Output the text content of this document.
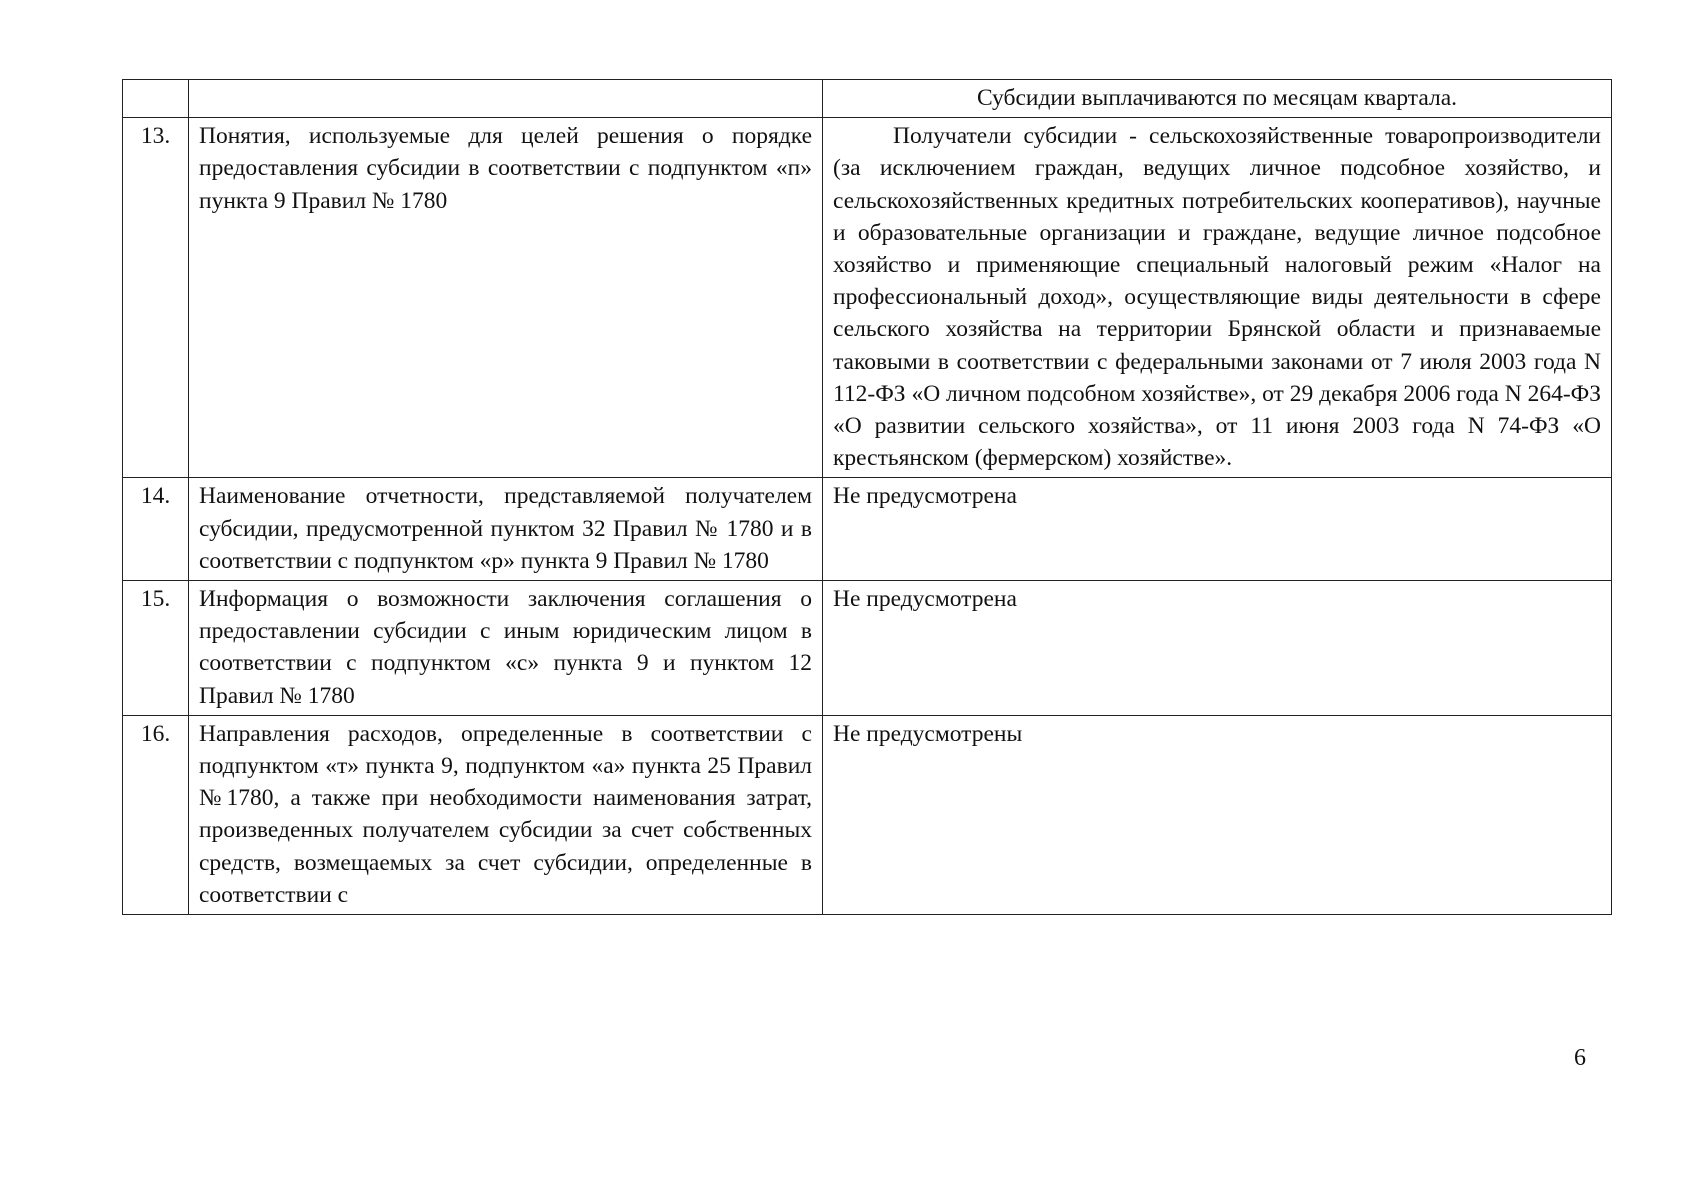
		Субсидии выплачиваются по месяцам квартала.
13.	Понятия, используемые для целей решения о порядке предоставления субсидии в соответствии с подпунктом «п» пункта 9 Правил № 1780	Получатели субсидии - сельскохозяйственные товаропроизводители (за исключением граждан, ведущих личное подсобное хозяйство, и сельскохозяйственных кредитных потребительских кооперативов), научные и образовательные организации и граждане, ведущие личное подсобное хозяйство и применяющие специальный налоговый режим «Налог на профессиональный доход», осуществляющие виды деятельности в сфере сельского хозяйства на территории Брянской области и признаваемые таковыми в соответствии с федеральными законами от 7 июля 2003 года N 112-ФЗ «О личном подсобном хозяйстве», от 29 декабря 2006 года N 264-ФЗ «О развитии сельского хозяйства», от 11 июня 2003 года N 74-ФЗ «О крестьянском (фермерском) хозяйстве».

14.	Наименование отчетности, представляемой получателем субсидии, предусмотренной пунктом 32 Правил № 1780 и в соответствии с подпунктом «р» пункта 9 Правил № 1780	Не предусмотрена
15.	Информация о возможности заключения соглашения о предоставлении субсидии с иным юридическим лицом в соответствии с подпунктом «с» пункта 9 и пунктом 12 Правил № 1780	Не предусмотрена
16.	Направления расходов, определенные в соответствии с подпунктом «т» пункта 9, подпунктом «а» пункта 25 Правил №1780, а также при необходимости наименования затрат, произведенных получателем субсидии за счет собственных средств, возмещаемых за счет субсидии, определенные в соответствии с	Не предусмотрены
6
